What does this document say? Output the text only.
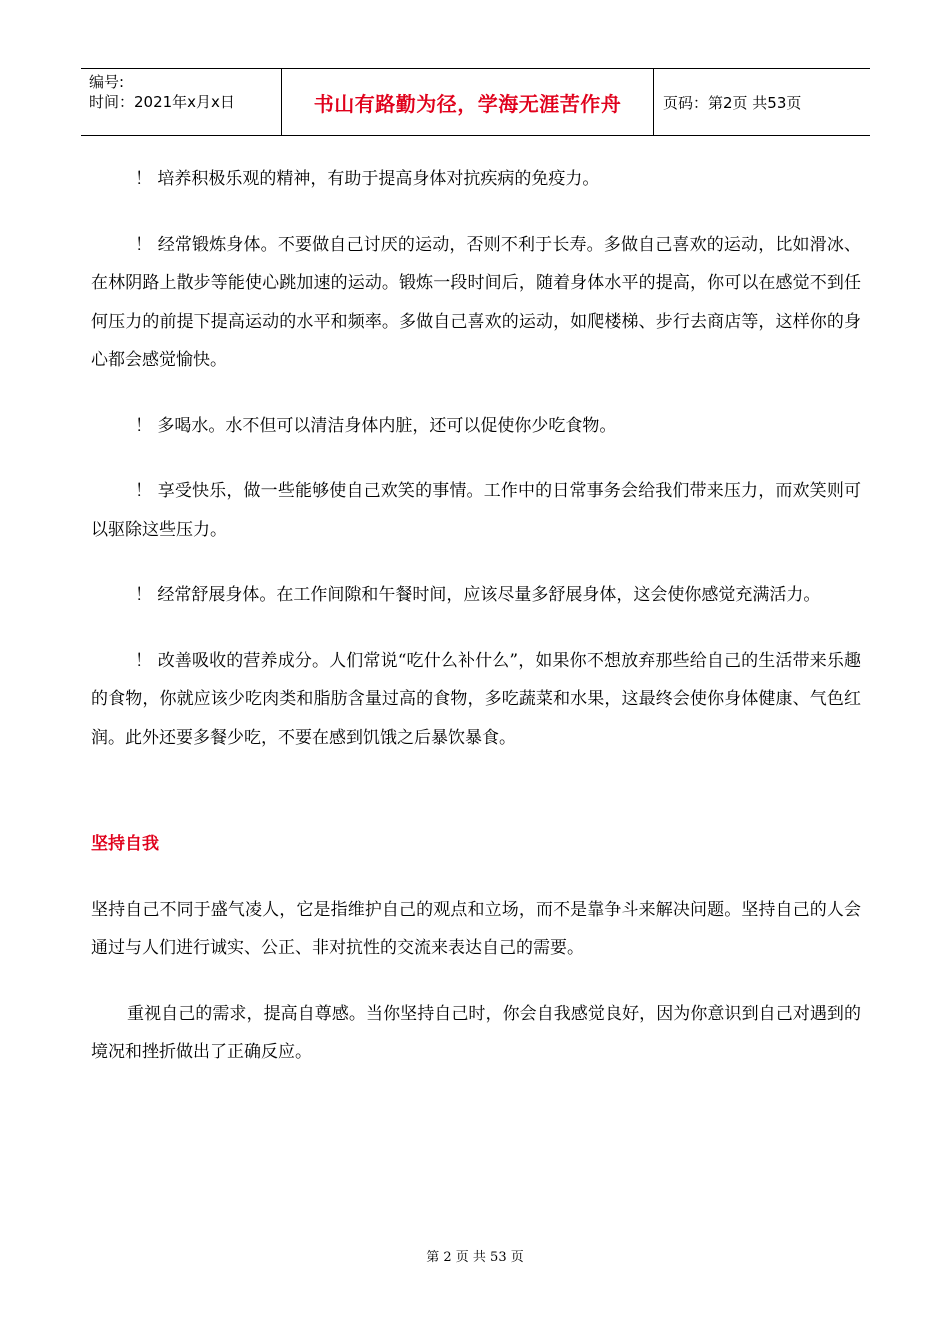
编号:
时间：2021年x月x日	书山有路勤为径，学海无涯苦作舟	页码：第2页 共53页

！ 培养积极乐观的精神，有助于提高身体对抗疾病的免疫力。

！ 经常锻炼身体。不要做自己讨厌的运动，否则不利于长寿。多做自己喜欢的运动，比如滑冰、在林阴路上散步等能使心跳加速的运动。锻炼一段时间后，随着身体水平的提高，你可以在感觉不到任何压力的前提下提高运动的水平和频率。多做自己喜欢的运动，如爬楼梯、步行去商店等，这样你的身心都会感觉愉快。

！ 多喝水。水不但可以清洁身体内脏，还可以促使你少吃食物。

！ 享受快乐，做一些能够使自己欢笑的事情。工作中的日常事务会给我们带来压力，而欢笑则可以驱除这些压力。

！ 经常舒展身体。在工作间隙和午餐时间，应该尽量多舒展身体，这会使你感觉充满活力。

！ 改善吸收的营养成分。人们常说“吃什么补什么”，如果你不想放弃那些给自己的生活带来乐趣的食物，你就应该少吃肉类和脂肪含量过高的食物，多吃蔬菜和水果，这最终会使你身体健康、气色红润。此外还要多餐少吃，不要在感到饥饿之后暴饮暴食。

坚持自我

坚持自己不同于盛气凌人，它是指维护自己的观点和立场，而不是靠争斗来解决问题。坚持自己的人会通过与人们进行诚实、公正、非对抗性的交流来表达自己的需要。

重视自己的需求，提高自尊感。当你坚持自己时，你会自我感觉良好，因为你意识到自己对遇到的境况和挫折做出了正确反应。

第 2 页 共 53 页
